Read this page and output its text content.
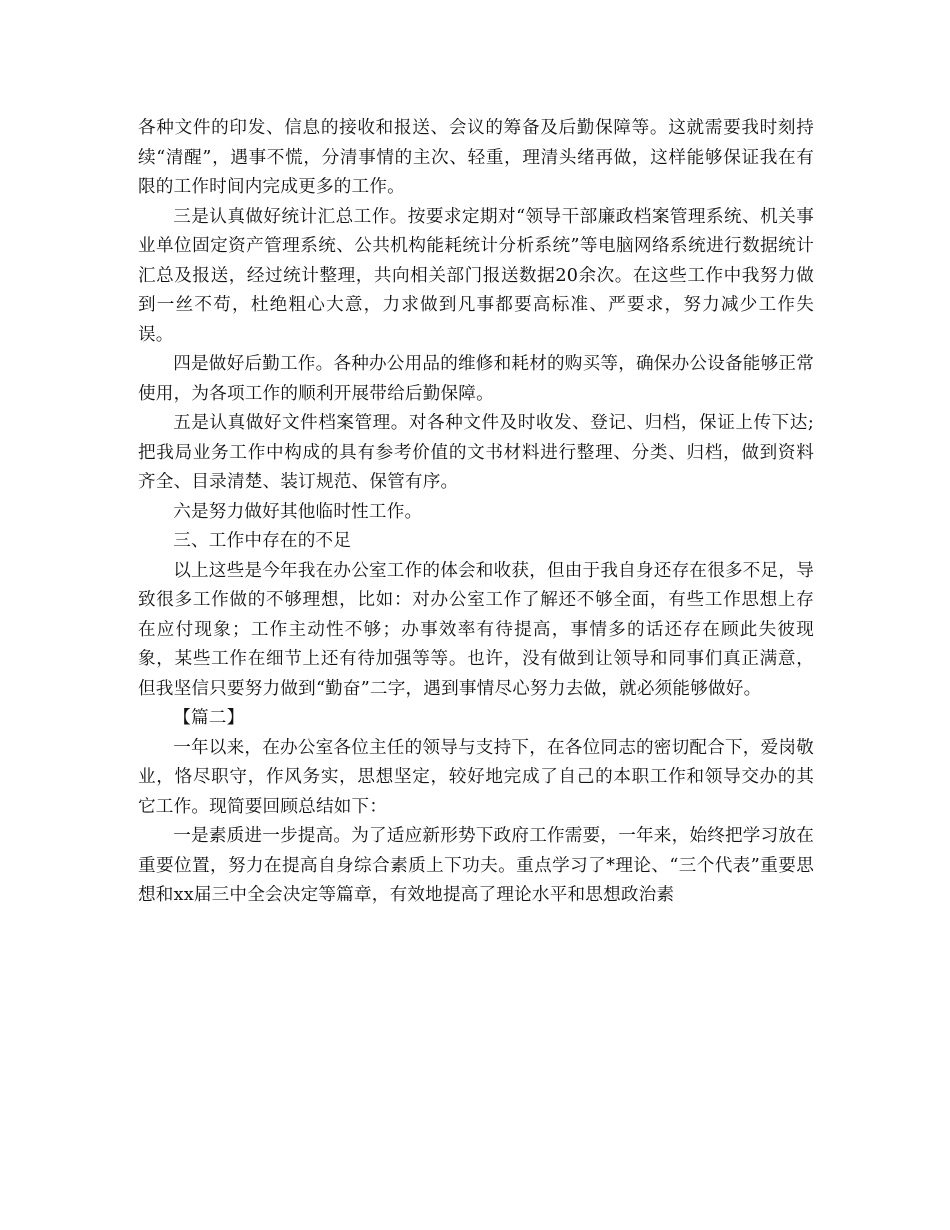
各种文件的印发、信息的接收和报送、会议的筹备及后勤保障等。这就需要我时刻持续“清醒”，遇事不慌，分清事情的主次、轻重，理清头绪再做，这样能够保证我在有限的工作时间内完成更多的工作。

三是认真做好统计汇总工作。按要求定期对“领导干部廉政档案管理系统、机关事业单位固定资产管理系统、公共机构能耗统计分析系统”等电脑网络系统进行数据统计汇总及报送，经过统计整理，共向相关部门报送数据20余次。在这些工作中我努力做到一丝不苟，杜绝粗心大意，力求做到凡事都要高标准、严要求，努力减少工作失误。

四是做好后勤工作。各种办公用品的维修和耗材的购买等，确保办公设备能够正常使用，为各项工作的顺利开展带给后勤保障。

五是认真做好文件档案管理。对各种文件及时收发、登记、归档，保证上传下达;把我局业务工作中构成的具有参考价值的文书材料进行整理、分类、归档，做到资料齐全、目录清楚、装订规范、保管有序。

六是努力做好其他临时性工作。

三、工作中存在的不足

以上这些是今年我在办公室工作的体会和收获，但由于我自身还存在很多不足，导致很多工作做的不够理想，比如：对办公室工作了解还不够全面，有些工作思想上存在应付现象；工作主动性不够；办事效率有待提高，事情多的话还存在顾此失彼现象，某些工作在细节上还有待加强等等。也许，没有做到让领导和同事们真正满意，但我坚信只要努力做到“勤奋”二字，遇到事情尽心努力去做，就必须能够做好。

【篇二】

一年以来，在办公室各位主任的领导与支持下，在各位同志的密切配合下，爱岗敬业，恪尽职守，作风务实，思想坚定，较好地完成了自己的本职工作和领导交办的其它工作。现简要回顾总结如下：

一是素质进一步提高。为了适应新形势下政府工作需要，一年来，始终把学习放在重要位置，努力在提高自身综合素质上下功夫。重点学习了*理论、“三个代表”重要思想和xx届三中全会决定等篇章，有效地提高了理论水平和思想政治素
